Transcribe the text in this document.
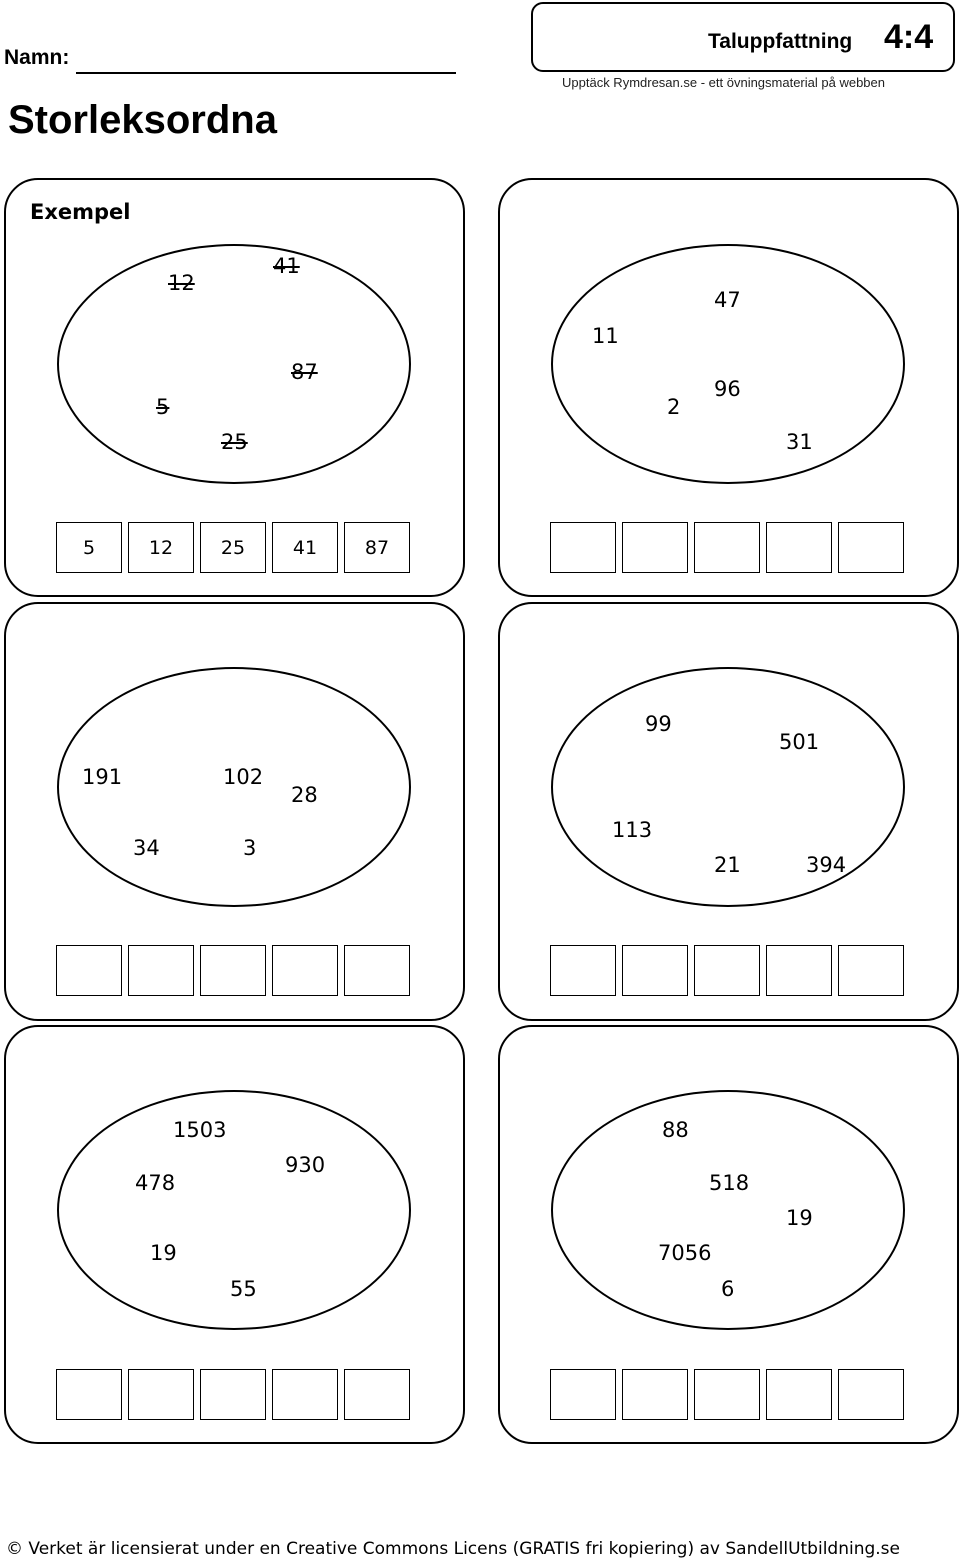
Namn:
Storleksordna
Taluppfattning 4:4
Upptäck Rymdresan.se - ett övningsmaterial på webben
Exempel
12
41
87
5
25
5	12	25	41	87
47
11
96
2
31
191	102
28
34	3
99
501
113
21	394
1503
930
478
19
55
88
518
19
7056
6
© Verket är licensierat under en Creative Commons Licens (GRATIS fri kopiering) av SandellUtbildning.se
